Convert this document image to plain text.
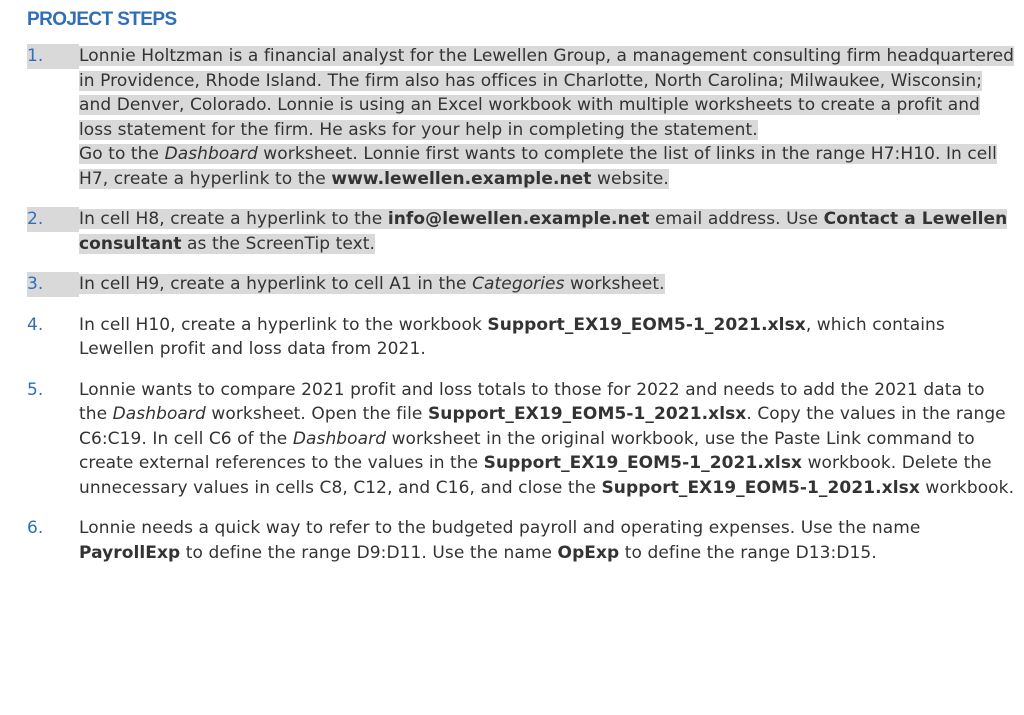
PROJECT STEPS
1.	Lonnie Holtzman is a financial analyst for the Lewellen Group, a management consulting firm headquartered in Providence, Rhode Island. The firm also has offices in Charlotte, North Carolina; Milwaukee, Wisconsin; and Denver, Colorado. Lonnie is using an Excel workbook with multiple worksheets to create a profit and loss statement for the firm. He asks for your help in completing the statement.
Go to the Dashboard worksheet. Lonnie first wants to complete the list of links in the range H7:H10. In cell H7, create a hyperlink to the www.lewellen.example.net website.
2.	In cell H8, create a hyperlink to the info@lewellen.example.net email address. Use Contact a Lewellen consultant as the ScreenTip text.
3.	In cell H9, create a hyperlink to cell A1 in the Categories worksheet.
4.	In cell H10, create a hyperlink to the workbook Support_EX19_EOM5-1_2021.xlsx, which contains Lewellen profit and loss data from 2021.
5.	Lonnie wants to compare 2021 profit and loss totals to those for 2022 and needs to add the 2021 data to the Dashboard worksheet. Open the file Support_EX19_EOM5-1_2021.xlsx. Copy the values in the range C6:C19. In cell C6 of the Dashboard worksheet in the original workbook, use the Paste Link command to create external references to the values in the Support_EX19_EOM5-1_2021.xlsx workbook. Delete the unnecessary values in cells C8, C12, and C16, and close the Support_EX19_EOM5-1_2021.xlsx workbook.
6.	Lonnie needs a quick way to refer to the budgeted payroll and operating expenses. Use the name PayrollExp to define the range D9:D11. Use the name OpExp to define the range D13:D15.
